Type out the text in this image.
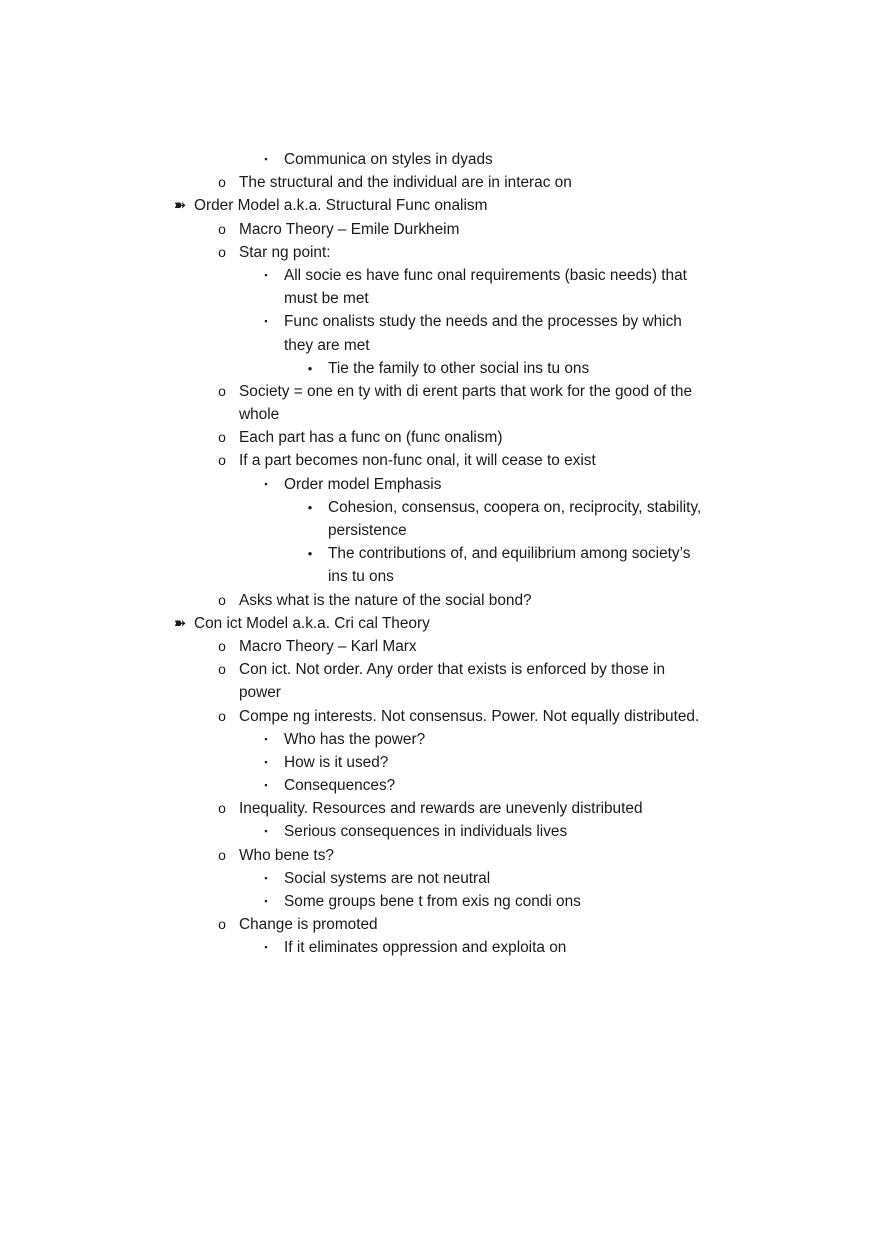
▪	Communica on styles in dyads
o The structural and the individual are in interac on
➽ Order Model a.k.a. Structural Func onalism
o Macro Theory – Emile Durkheim
o Star ng point:
▪	All socie es have func onal requirements (basic needs) that
must be met
▪	Func onalists study the needs and the processes by which
they are met
•	Tie the family to other social ins tu ons
o Society = one en ty with di erent parts that work for the good of the
whole
o Each part has a func on (func onalism)
o If a part becomes non-func onal, it will cease to exist
▪	Order model Emphasis
•	Cohesion, consensus, coopera on, reciprocity, stability,
persistence
•	The contributions of, and equilibrium among society’s
ins tu ons
o Asks what is the nature of the social bond?
➽ Con ict Model a.k.a. Cri cal Theory
o Macro Theory – Karl Marx
o Con ict. Not order. Any order that exists is enforced by those in
power
o Compe ng interests. Not consensus. Power. Not equally distributed.
▪	Who has the power?
▪	How is it used?
▪	Consequences?
o Inequality. Resources and rewards are unevenly distributed
▪	Serious consequences in individuals lives
o Who bene ts?
▪	Social systems are not neutral
▪	Some groups bene t from exis ng condi ons
o Change is promoted
▪	If it eliminates oppression and exploita on
